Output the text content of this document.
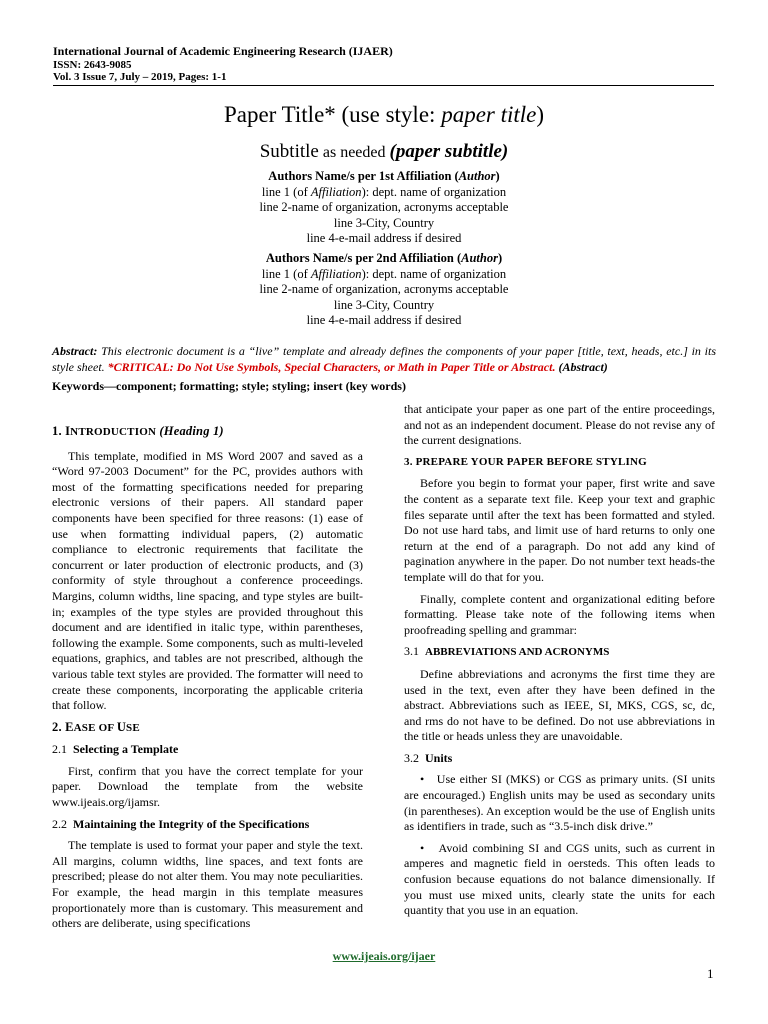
International Journal of Academic Engineering Research (IJAER)
ISSN: 2643-9085
Vol. 3 Issue 7, July – 2019, Pages: 1-1
Paper Title* (use style: paper title)
Subtitle as needed (paper subtitle)
Authors Name/s per 1st Affiliation (Author)
line 1 (of Affiliation): dept. name of organization
line 2-name of organization, acronyms acceptable
line 3-City, Country
line 4-e-mail address if desired
Authors Name/s per 2nd Affiliation (Author)
line 1 (of Affiliation): dept. name of organization
line 2-name of organization, acronyms acceptable
line 3-City, Country
line 4-e-mail address if desired
Abstract: This electronic document is a “live” template and already defines the components of your paper [title, text, heads, etc.] in its style sheet. *CRITICAL: Do Not Use Symbols, Special Characters, or Math in Paper Title or Abstract. (Abstract)
Keywords—component; formatting; style; styling; insert (key words)
1. INTRODUCTION (Heading 1)

This template, modified in MS Word 2007 and saved as a “Word 97-2003 Document” for the PC, provides authors with most of the formatting specifications needed for preparing electronic versions of their papers. All standard paper components have been specified for three reasons: (1) ease of use when formatting individual papers, (2) automatic compliance to electronic requirements that facilitate the concurrent or later production of electronic products, and (3) conformity of style throughout a conference proceedings. Margins, column widths, line spacing, and type styles are built-in; examples of the type styles are provided throughout this document and are identified in italic type, within parentheses, following the example. Some components, such as multi-leveled equations, graphics, and tables are not prescribed, although the various table text styles are provided. The formatter will need to create these components, incorporating the applicable criteria that follow.

2. EASE OF USE
2.1 Selecting a Template

First, confirm that you have the correct template for your paper. Download the template from the website www.ijeais.org/ijamsr.

2.2 Maintaining the Integrity of the Specifications

The template is used to format your paper and style the text. All margins, column widths, line spaces, and text fonts are prescribed; please do not alter them. You may note peculiarities. For example, the head margin in this template measures proportionately more than is customary. This measurement and others are deliberate, using specifications

that anticipate your paper as one part of the entire proceedings, and not as an independent document. Please do not revise any of the current designations.

3. PREPARE YOUR PAPER BEFORE STYLING

Before you begin to format your paper, first write and save the content as a separate text file. Keep your text and graphic files separate until after the text has been formatted and styled. Do not use hard tabs, and limit use of hard returns to only one return at the end of a paragraph. Do not add any kind of pagination anywhere in the paper. Do not number text heads-the template will do that for you.

Finally, complete content and organizational editing before formatting. Please take note of the following items when proofreading spelling and grammar:

3.1 ABBREVIATIONS AND ACRONYMS

Define abbreviations and acronyms the first time they are used in the text, even after they have been defined in the abstract. Abbreviations such as IEEE, SI, MKS, CGS, sc, dc, and rms do not have to be defined. Do not use abbreviations in the title or heads unless they are unavoidable.

3.2 Units

•   Use either SI (MKS) or CGS as primary units. (SI units are encouraged.) English units may be used as secondary units (in parentheses). An exception would be the use of English units as identifiers in trade, such as “3.5-inch disk drive.”

•   Avoid combining SI and CGS units, such as current in amperes and magnetic field in oersteds. This often leads to confusion because equations do not balance dimensionally. If you must use mixed units, clearly state the units for each quantity that you use in an equation.

www.ijeais.org/ijaer
1
